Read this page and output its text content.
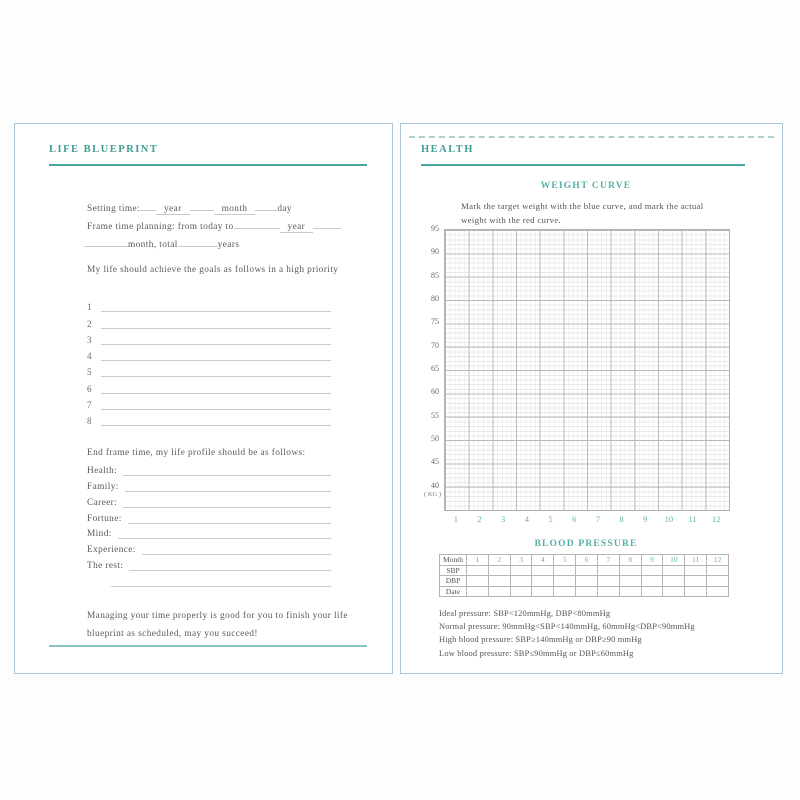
LIFE BLUEPRINT
Setting time:	year	month	day
Frame time planning: from today to	year
month, total	years
My life should achieve the goals as follows in a high priority
1
2
3
4
5
6
7
8
End frame time, my life profile should be as follows:
Health:
Family:
Career:
Fortune:
Mind:
Experience:
The rest:
Managing your time properly is good for you to finish your life
blueprint as scheduled, may you succeed!
HEALTH
WEIGHT CURVE
Mark the target weight with the blue curve, and mark the actual
weight with the red curve.
95
90
85
80
75
70
65
60
55
50
45
40
( KG )
1	2	3	4	5	6	7	8	9	10	11	12
BLOOD PRESSURE
Month	1	2	3	4	5	6	7	8	9	10	11	12
SBP												
DBP												
Date												
Ideal pressure: SBP<120mmHg, DBP<80mmHg
Normal pressure: 90mmHg<SBP<140mmHg, 60mmHg<DBP<90mmHg
High blood pressure: SBP≥140mmHg or DBP≥90 mmHg
Low blood pressure: SBP≤90mmHg or DBP≤60mmHg
